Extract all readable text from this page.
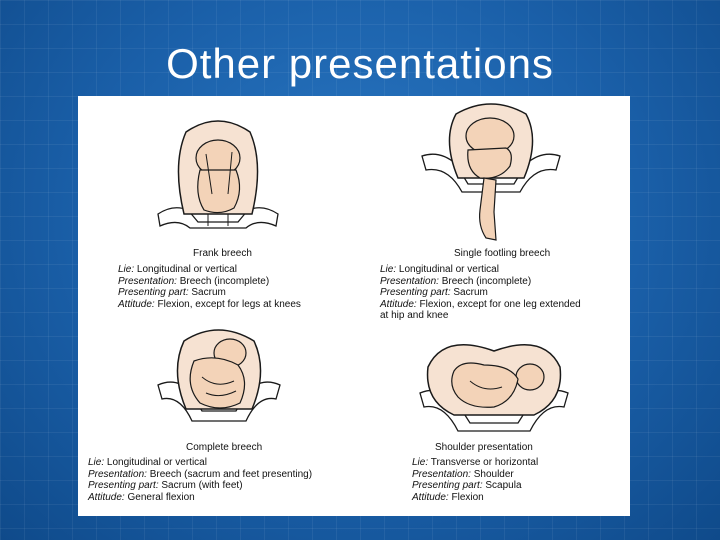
Other presentations
Frank breech
Lie: Longitudinal or vertical
Presentation: Breech (incomplete)
Presenting part: Sacrum
Attitude: Flexion, except for legs at knees
Single footling breech
Lie: Longitudinal or vertical
Presentation: Breech (incomplete)
Presenting part: Sacrum
Attitude: Flexion, except for one leg extended
at hip and knee
Complete breech
Lie: Longitudinal or vertical
Presentation: Breech (sacrum and feet presenting)
Presenting part: Sacrum (with feet)
Attitude: General flexion
Shoulder presentation
Lie: Transverse or horizontal
Presentation: Shoulder
Presenting part: Scapula
Attitude: Flexion
